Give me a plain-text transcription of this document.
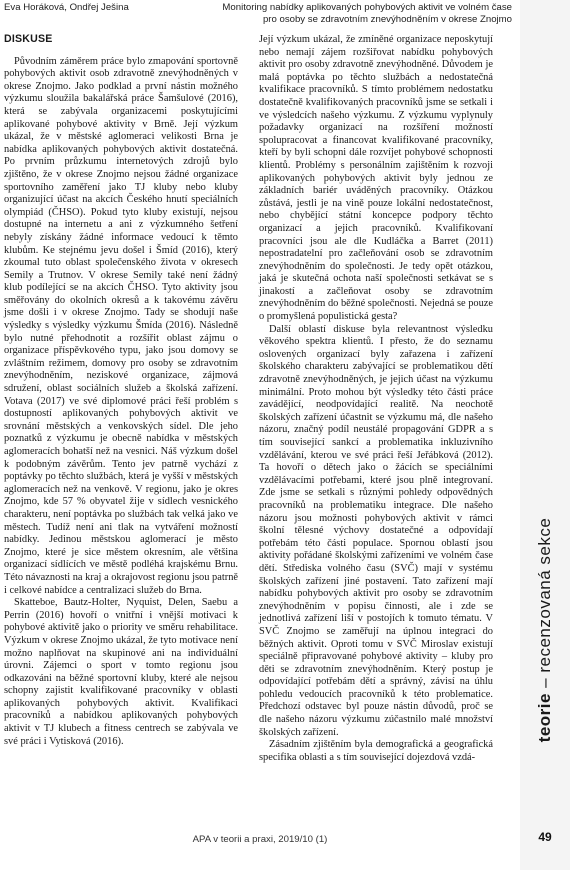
Eva Horáková, Ondřej Ješina	Monitoring nabídky aplikovaných pohybových aktivit ve volném čase
pro osoby se zdravotním znevýhodněním v okrese Znojmo
DISKUSE

Původním záměrem práce bylo zmapování sportovně pohybových aktivit osob zdravotně znevýhodněných v okrese Znojmo. Jako podklad a první nástin možného výzkumu sloužila bakalářská práce Šamšulové (2016), která se zabývala organizacemi poskytujícími aplikované pohybové aktivity v Brně. Její výzkum ukázal, že v městské aglomeraci velikosti Brna je nabídka aplikovaných pohybových aktivit dostatečná. Po prvním průzkumu internetových zdrojů bylo zjištěno, že v okrese Znojmo nejsou žádné organizace sportovního zaměření jako TJ kluby nebo kluby organizující účast na akcích Českého hnutí speciálních olympiád (ČHSO). Pokud tyto kluby existují, nejsou dostupné na internetu a ani z výzkumného šetření nebyly získány žádné informace vedoucí k těmto klubům. Ke stejnému jevu došel i Šmíd (2016), který zkoumal tuto oblast společenského života v okresech Semily a Trutnov. V okrese Semily také není žádný klub podílející se na akcích ČHSO. Tyto aktivity jsou směřovány do okolních okresů a k takovému závěru jsme došli i v okrese Znojmo. Tady se shodují naše výsledky s výsledky výzkumu Šmída (2016). Následně bylo nutné přehodnotit a rozšířit oblast zájmu o organizace příspěvkového typu, jako jsou domovy se zvláštním režimem, domovy pro osoby se zdravotním znevýhodněním, neziskové organizace, zájmová sdružení, oblast sociálních služeb a školská zařízení. Votava (2017) ve své diplomové práci řeší problém s dostupností aplikovaných pohybových aktivit ve srovnání městských a venkovských sídel. Dle jeho poznatků z výzkumu je obecně nabídka v městských aglomeracích bohatší než na vesnici. Náš výzkum došel k podobným závěrům. Tento jev patrně vychází z poptávky po těchto službách, která je vyšší v městských aglomeracích než na venkově. V regionu, jako je okres Znojmo, kde 57 % obyvatel žije v sídlech vesnického charakteru, není poptávka po službách tak velká jako ve městech. Tudíž není ani tlak na vytváření možností nabídky. Jedinou městskou aglomerací je město Znojmo, které je sice městem okresním, ale většina organizací sídlících ve městě podléhá krajskému Brnu. Této návaznosti na kraj a okrajovost regionu jsou patrně i celkové nabídce a centralizaci služeb do Brna.

Skatteboe, Bautz-Holter, Nyquist, Delen, Saebu a Perrin (2016) hovoří o vnitřní i vnější motivaci k pohybové aktivitě jako o priority ve směru rehabilitace. Výzkum v okrese Znojmo ukázal, že tyto motivace není možno naplňovat na skupinové ani na individuální úrovni. Zájemci o sport v tomto regionu jsou odkazováni na běžné sportovní kluby, které ale nejsou schopny zajistit kvalifikované pracovníky v oblasti aplikovaných pohybových aktivit. Kvalifikaci pracovníků a nabídkou aplikovaných pohybových aktivit v TJ klubech a fitness centrech se zabývala ve své práci i Vytisková (2016).

Její výzkum ukázal, že zmíněné organizace neposkytují nebo nemají zájem rozšiřovat nabídku pohybových aktivit pro osoby zdravotně znevýhodněné. Důvodem je malá poptávka po těchto službách a nedostatečná kvalifikace pracovníků. S tímto problémem nedostatku dostatečně kvalifikovaných pracovníků jsme se setkali i ve výsledcích našeho výzkumu. Z výzkumu vyplynuly požadavky organizací na rozšíření možností spolupracovat a financovat kvalifikované pracovníky, kteří by byli schopni dále rozvíjet pohybové schopnosti klientů. Problémy s personálním zajištěním k rozvoji aplikovaných pohybových aktivit byly jednou ze základních bariér uváděných pracovníky. Otázkou zůstává, jestli je na vině pouze lokální nedostatečnost, nebo chybějící státní koncepce podpory těchto organizací a jejich pracovníků. Kvalifikovaní pracovníci jsou ale dle Kudláčka a Barret (2011) nepostradatelní pro začleňování osob se zdravotním znevýhodněním do společnosti. Je tedy opět otázkou, jaká je skutečná ochota naší společnosti setkávat se s jinakostí a začleňovat osoby se zdravotním znevýhodněním do běžné společnosti. Nejedná se pouze o promyšlená populistická gesta?

Další oblastí diskuse byla relevantnost výsledku věkového spektra klientů. I přesto, že do seznamu oslovených organizací byly zařazena i zařízení školského charakteru zabývající se problematikou dětí zdravotně znevýhodněných, je jejich účast na výzkumu minimální. Proto mohou být výsledky této části práce zavádějící, neodpovídající realitě. Na neochotě školských zařízení účastnit se výzkumu má, dle našeho názoru, značný podíl neustálé propagování GDPR a s tím související sankcí a problematika inkluzivního vzdělávání, kterou ve své práci řeší Jeřábková (2012). Ta hovoří o dětech jako o žácích se speciálními vzdělávacími potřebami, které jsou plně integrovaní. Zde jsme se setkali s různými pohledy odpovědných pracovníků na problematiku integrace. Dle našeho názoru jsou možnosti pohybových aktivit v rámci školní tělesné výchovy dostatečné a odpovídají potřebám této části populace. Spornou oblastí jsou aktivity pořádané školskými zařízeními ve volném čase dětí. Střediska volného času (SVČ) mají v systému školských zařízení jiné postavení. Tato zařízení mají nabídku pohybových aktivit pro osoby se zdravotním znevýhodněním v popisu činnosti, ale i zde se jednotlivá zařízení liší v postojích k tomuto tématu. V SVČ Znojmo se zaměřují na úplnou integraci do běžných aktivit. Oproti tomu v SVČ Miroslav existují speciálně připravované pohybové aktivity – kluby pro děti se zdravotním znevýhodněním. Který postup je odpovídající potřebám dětí a správný, závisí na úhlu pohledu vedoucích pracovníků k této problematice. Předchozí odstavec byl pouze nástin důvodů, proč se dle našeho názoru výzkumu zúčastnilo malé množství školských zařízení.

Zásadním zjištěním byla demografická a geografická specifika oblasti a s tím související dojezdová vzdá-

teorie – recenzovaná sekce
APA v teorii a praxi, 2019/10 (1)	49
